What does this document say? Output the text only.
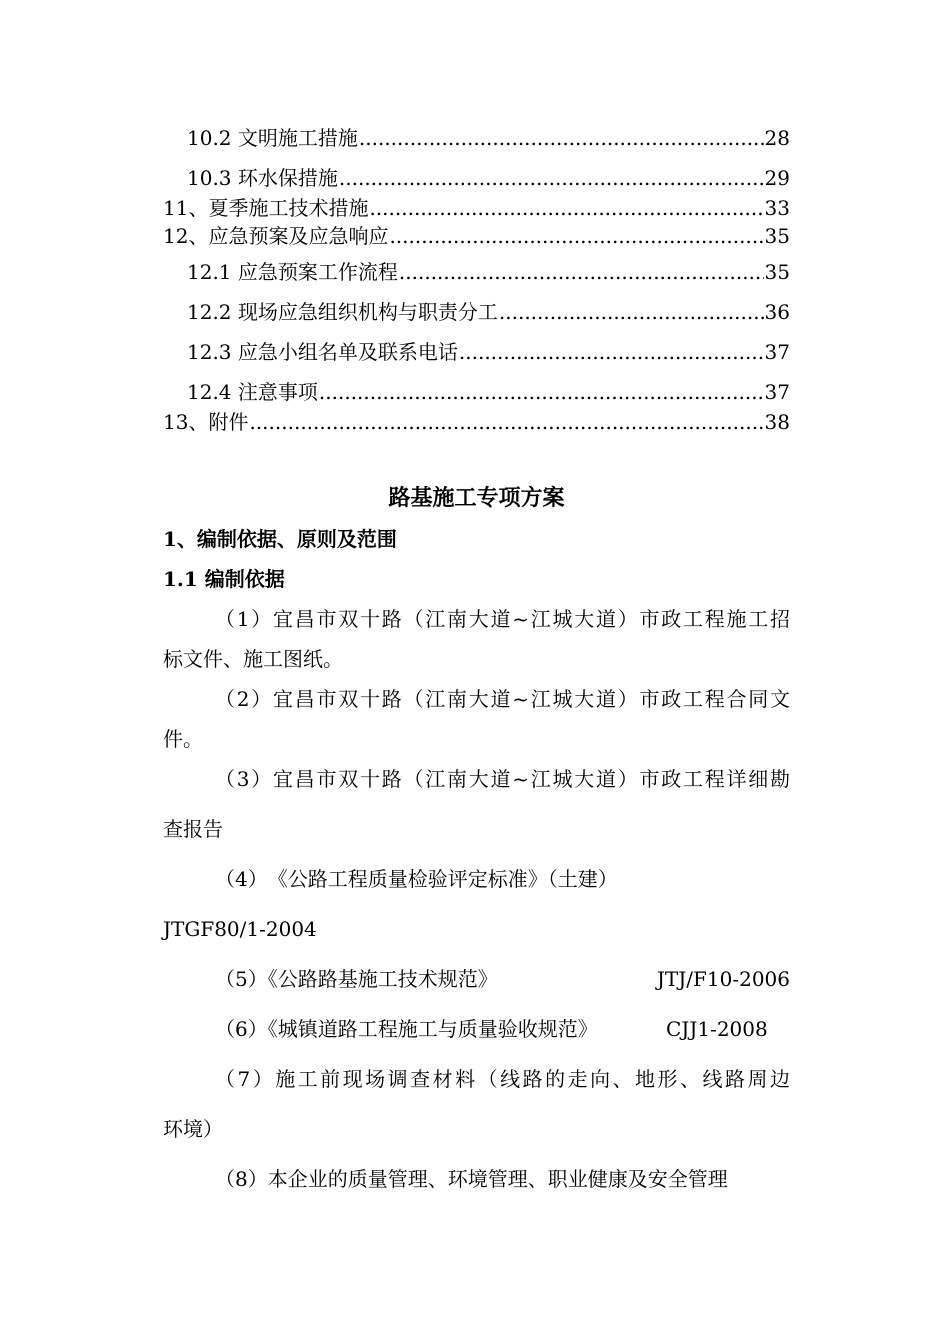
10.2 文明施工措施 .....	28
10.3 环水保措施 .....	29
11、夏季施工技术措施 .....	33
12、应急预案及应急响应 .....	35
12.1 应急预案工作流程 .....	35
12.2 现场应急组织机构与职责分工 .....	36
12.3 应急小组名单及联系电话 .....	37
12.4 注意事项 .....	37
13、附件 .....	38
路基施工专项方案
1、编制依据、原则及范围
1.1 编制依据
（1）宜昌市双十路（江南大道~江城大道）市政工程施工招
标文件、施工图纸。
（2）宜昌市双十路（江南大道~江城大道）市政工程合同文
件。
（3）宜昌市双十路（江南大道~江城大道）市政工程详细勘
查报告
（4）　《公路工程质量检验评定标准》（土建）
JTGF80/1-2004
（5）《公路路基施工技术规范》	JTJ/F10-2006
（6）《城镇道路工程施工与质量验收规范》	CJJ1-2008
（7）施工前现场调查材料（线路的走向、地形、线路周边
环境）
（8）本企业的质量管理、环境管理、职业健康及安全管理
